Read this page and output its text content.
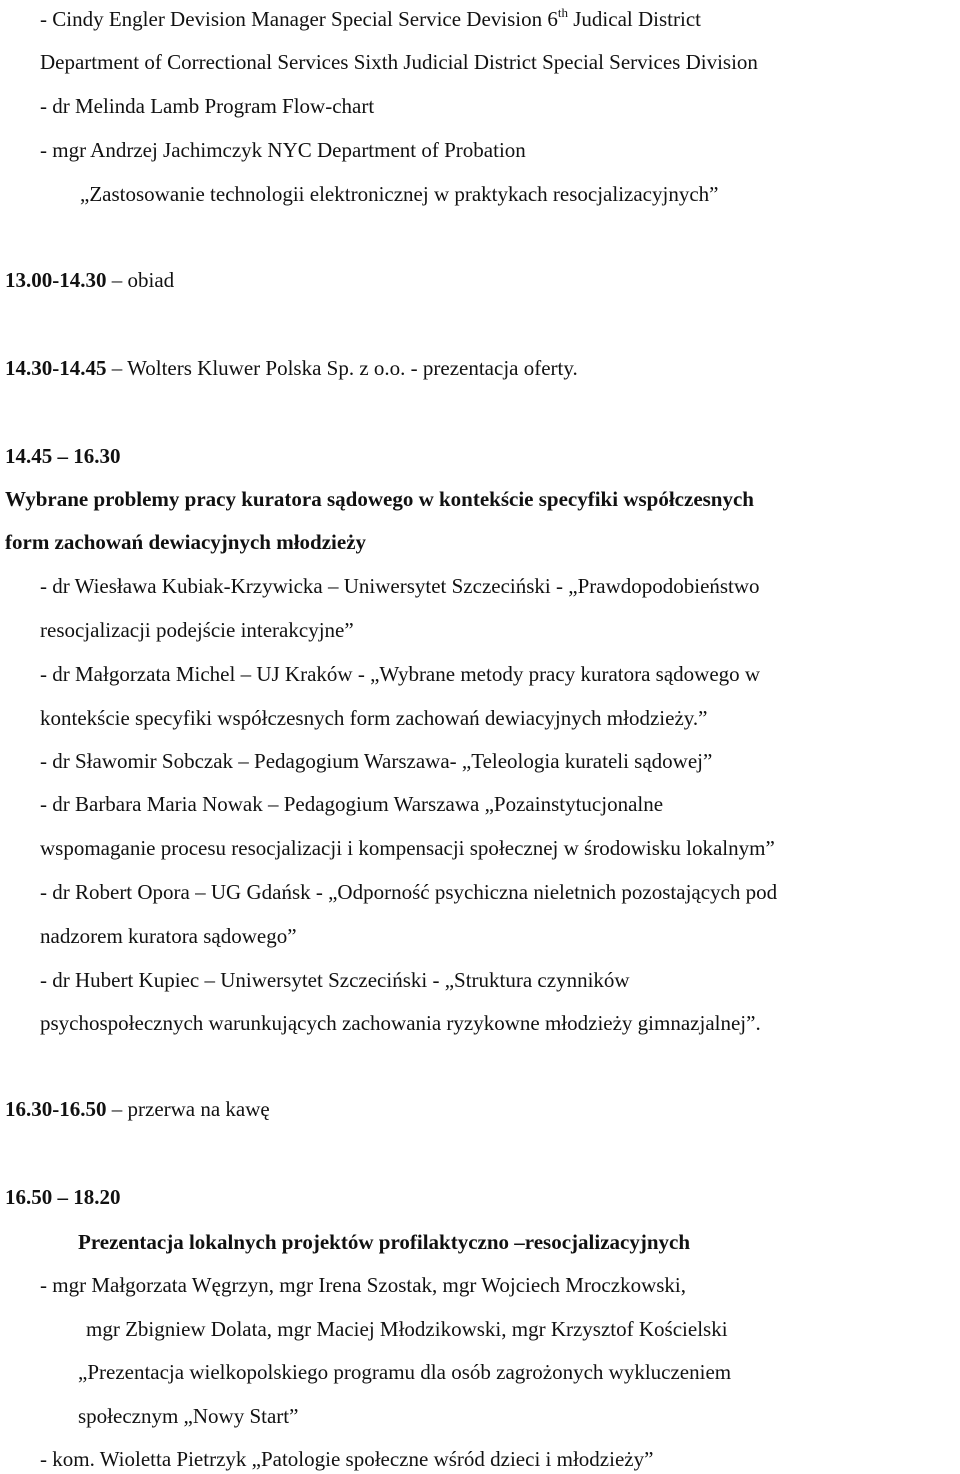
- Cindy Engler Devision Manager Special Service Devision 6th Judical District
Department of Correctional Services Sixth Judicial District Special Services Division
- dr Melinda Lamb Program Flow-chart
- mgr Andrzej Jachimczyk NYC Department of Probation
„Zastosowanie technologii elektronicznej w praktykach resocjalizacyjnych”
13.00-14.30 – obiad
14.30-14.45 – Wolters Kluwer Polska Sp. z o.o. - prezentacja oferty.
14.45 – 16.30
Wybrane problemy pracy kuratora sądowego w kontekście specyfiki współczesnych
form zachowań dewiacyjnych młodzieży
- dr Wiesława Kubiak-Krzywicka – Uniwersytet Szczeciński - „Prawdopodobieństwo
resocjalizacji podejście interakcyjne”
- dr Małgorzata Michel – UJ Kraków - „Wybrane metody pracy kuratora sądowego w
kontekście specyfiki współczesnych form zachowań dewiacyjnych młodzieży.”
- dr Sławomir Sobczak – Pedagogium Warszawa- „Teleologia kurateli sądowej”
- dr Barbara Maria Nowak – Pedagogium Warszawa „Pozainstytucjonalne
wspomaganie procesu resocjalizacji i kompensacji społecznej w środowisku lokalnym”
- dr Robert Opora – UG Gdańsk - „Odporność psychiczna nieletnich pozostających pod
nadzorem kuratora sądowego”
- dr Hubert Kupiec – Uniwersytet Szczeciński - „Struktura czynników
psychospołecznych warunkujących zachowania ryzykowne młodzieży gimnazjalnej”.
16.30-16.50 – przerwa na kawę
16.50 – 18.20
Prezentacja lokalnych projektów profilaktyczno –resocjalizacyjnych
- mgr Małgorzata Węgrzyn, mgr Irena Szostak, mgr Wojciech Mroczkowski,
mgr Zbigniew Dolata, mgr Maciej Młodzikowski, mgr Krzysztof Kościelski
„Prezentacja wielkopolskiego programu dla osób zagrożonych wykluczeniem
społecznym „Nowy Start”
- kom. Wioletta Pietrzyk „Patologie społeczne wśród dzieci i młodzieży”
